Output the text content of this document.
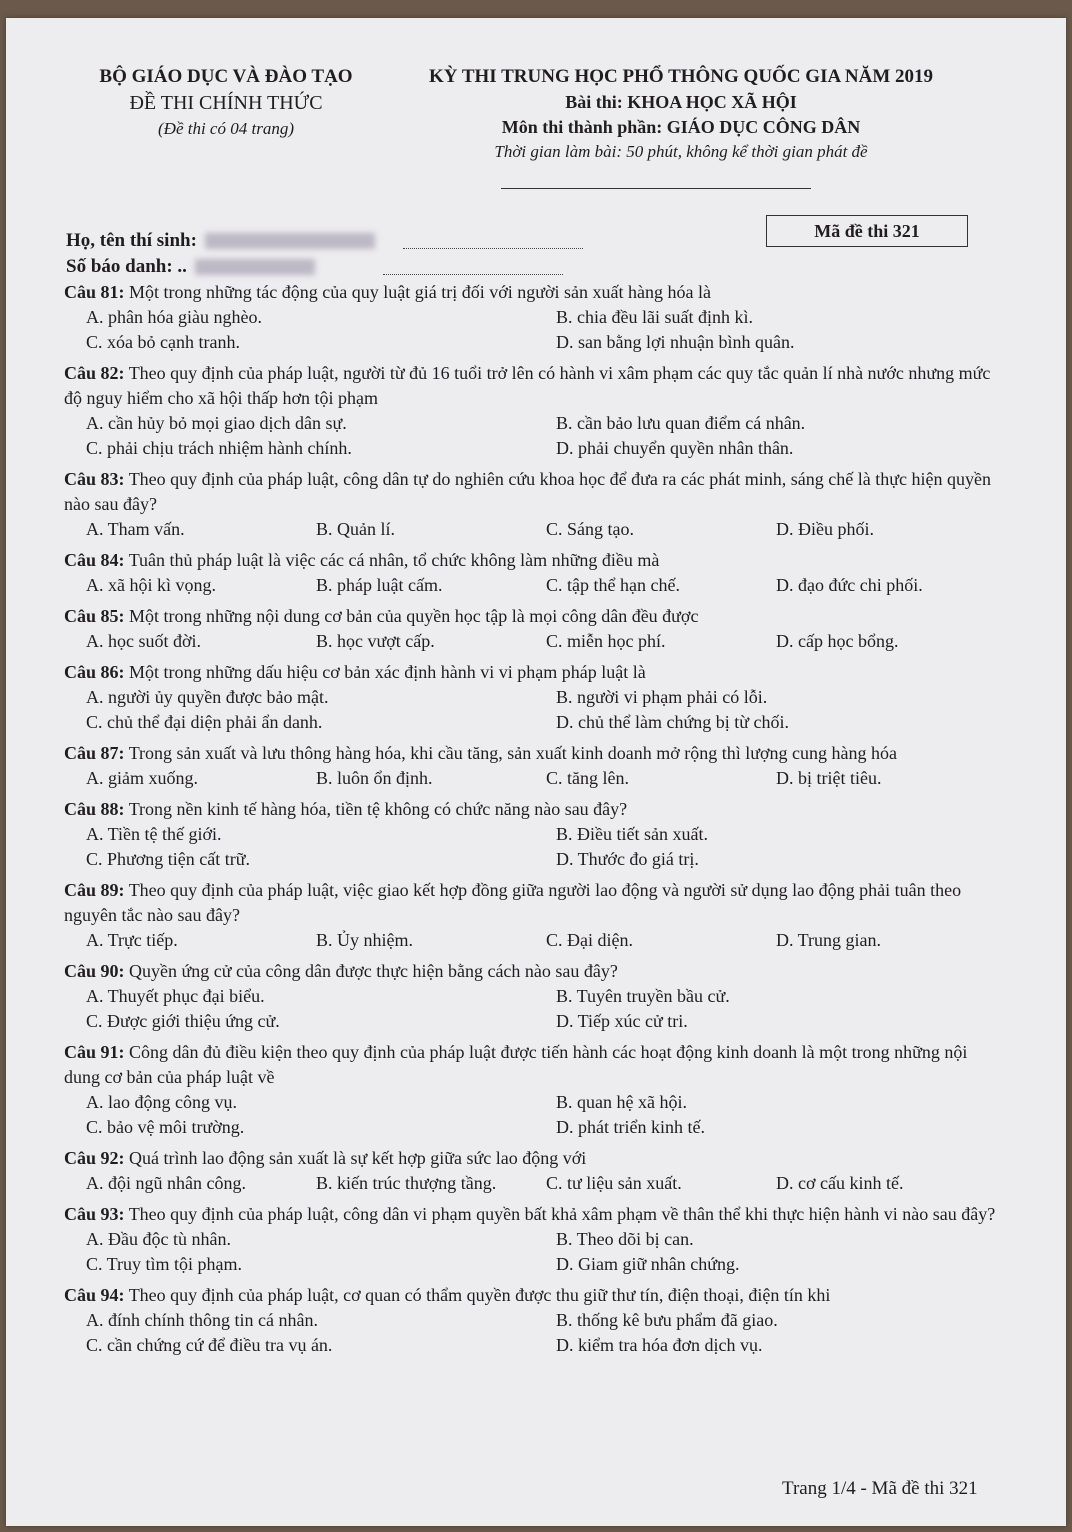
BỘ GIÁO DỤC VÀ ĐÀO TẠO
ĐỀ THI CHÍNH THỨC
(Đề thi có 04 trang)
KỲ THI TRUNG HỌC PHỔ THÔNG QUỐC GIA NĂM 2019
Bài thi: KHOA HỌC XÃ HỘI
Môn thi thành phần: GIÁO DỤC CÔNG DÂN
Thời gian làm bài: 50 phút, không kể thời gian phát đề
Họ, tên thí sinh:
Số báo danh: ..
Mã đề thi 321
Câu 81: Một trong những tác động của quy luật giá trị đối với người sản xuất hàng hóa là
A. phân hóa giàu nghèo.	B. chia đều lãi suất định kì.
C. xóa bỏ cạnh tranh.	D. san bằng lợi nhuận bình quân.
Câu 82: Theo quy định của pháp luật, người từ đủ 16 tuổi trở lên có hành vi xâm phạm các quy tắc quản lí nhà nước nhưng mức độ nguy hiểm cho xã hội thấp hơn tội phạm
A. cần hủy bỏ mọi giao dịch dân sự.	B. cần bảo lưu quan điểm cá nhân.
C. phải chịu trách nhiệm hành chính.	D. phải chuyển quyền nhân thân.
Câu 83: Theo quy định của pháp luật, công dân tự do nghiên cứu khoa học để đưa ra các phát minh, sáng chế là thực hiện quyền nào sau đây?
A. Tham vấn.	B. Quản lí.	C. Sáng tạo.	D. Điều phối.
Câu 84: Tuân thủ pháp luật là việc các cá nhân, tổ chức không làm những điều mà
A. xã hội kì vọng.	B. pháp luật cấm.	C. tập thể hạn chế.	D. đạo đức chi phối.
Câu 85: Một trong những nội dung cơ bản của quyền học tập là mọi công dân đều được
A. học suốt đời.	B. học vượt cấp.	C. miễn học phí.	D. cấp học bổng.
Câu 86: Một trong những dấu hiệu cơ bản xác định hành vi vi phạm pháp luật là
A. người ủy quyền được bảo mật.	B. người vi phạm phải có lỗi.
C. chủ thể đại diện phải ẩn danh.	D. chủ thể làm chứng bị từ chối.
Câu 87: Trong sản xuất và lưu thông hàng hóa, khi cầu tăng, sản xuất kinh doanh mở rộng thì lượng cung hàng hóa
A. giảm xuống.	B. luôn ổn định.	C. tăng lên.	D. bị triệt tiêu.
Câu 88: Trong nền kinh tế hàng hóa, tiền tệ không có chức năng nào sau đây?
A. Tiền tệ thế giới.	B. Điều tiết sản xuất.
C. Phương tiện cất trữ.	D. Thước đo giá trị.
Câu 89: Theo quy định của pháp luật, việc giao kết hợp đồng giữa người lao động và người sử dụng lao động phải tuân theo nguyên tắc nào sau đây?
A. Trực tiếp.	B. Ủy nhiệm.	C. Đại diện.	D. Trung gian.
Câu 90: Quyền ứng cử của công dân được thực hiện bằng cách nào sau đây?
A. Thuyết phục đại biểu.	B. Tuyên truyền bầu cử.
C. Được giới thiệu ứng cử.	D. Tiếp xúc cử tri.
Câu 91: Công dân đủ điều kiện theo quy định của pháp luật được tiến hành các hoạt động kinh doanh là một trong những nội dung cơ bản của pháp luật về
A. lao động công vụ.	B. quan hệ xã hội.
C. bảo vệ môi trường.	D. phát triển kinh tế.
Câu 92: Quá trình lao động sản xuất là sự kết hợp giữa sức lao động với
A. đội ngũ nhân công.	B. kiến trúc thượng tầng.	C. tư liệu sản xuất.	D. cơ cấu kinh tế.
Câu 93: Theo quy định của pháp luật, công dân vi phạm quyền bất khả xâm phạm về thân thể khi thực hiện hành vi nào sau đây?
A. Đầu độc tù nhân.	B. Theo dõi bị can.
C. Truy tìm tội phạm.	D. Giam giữ nhân chứng.
Câu 94: Theo quy định của pháp luật, cơ quan có thẩm quyền được thu giữ thư tín, điện thoại, điện tín khi
A. đính chính thông tin cá nhân.	B. thống kê bưu phẩm đã giao.
C. cần chứng cứ để điều tra vụ án.	D. kiểm tra hóa đơn dịch vụ.
Trang 1/4 - Mã đề thi 321
